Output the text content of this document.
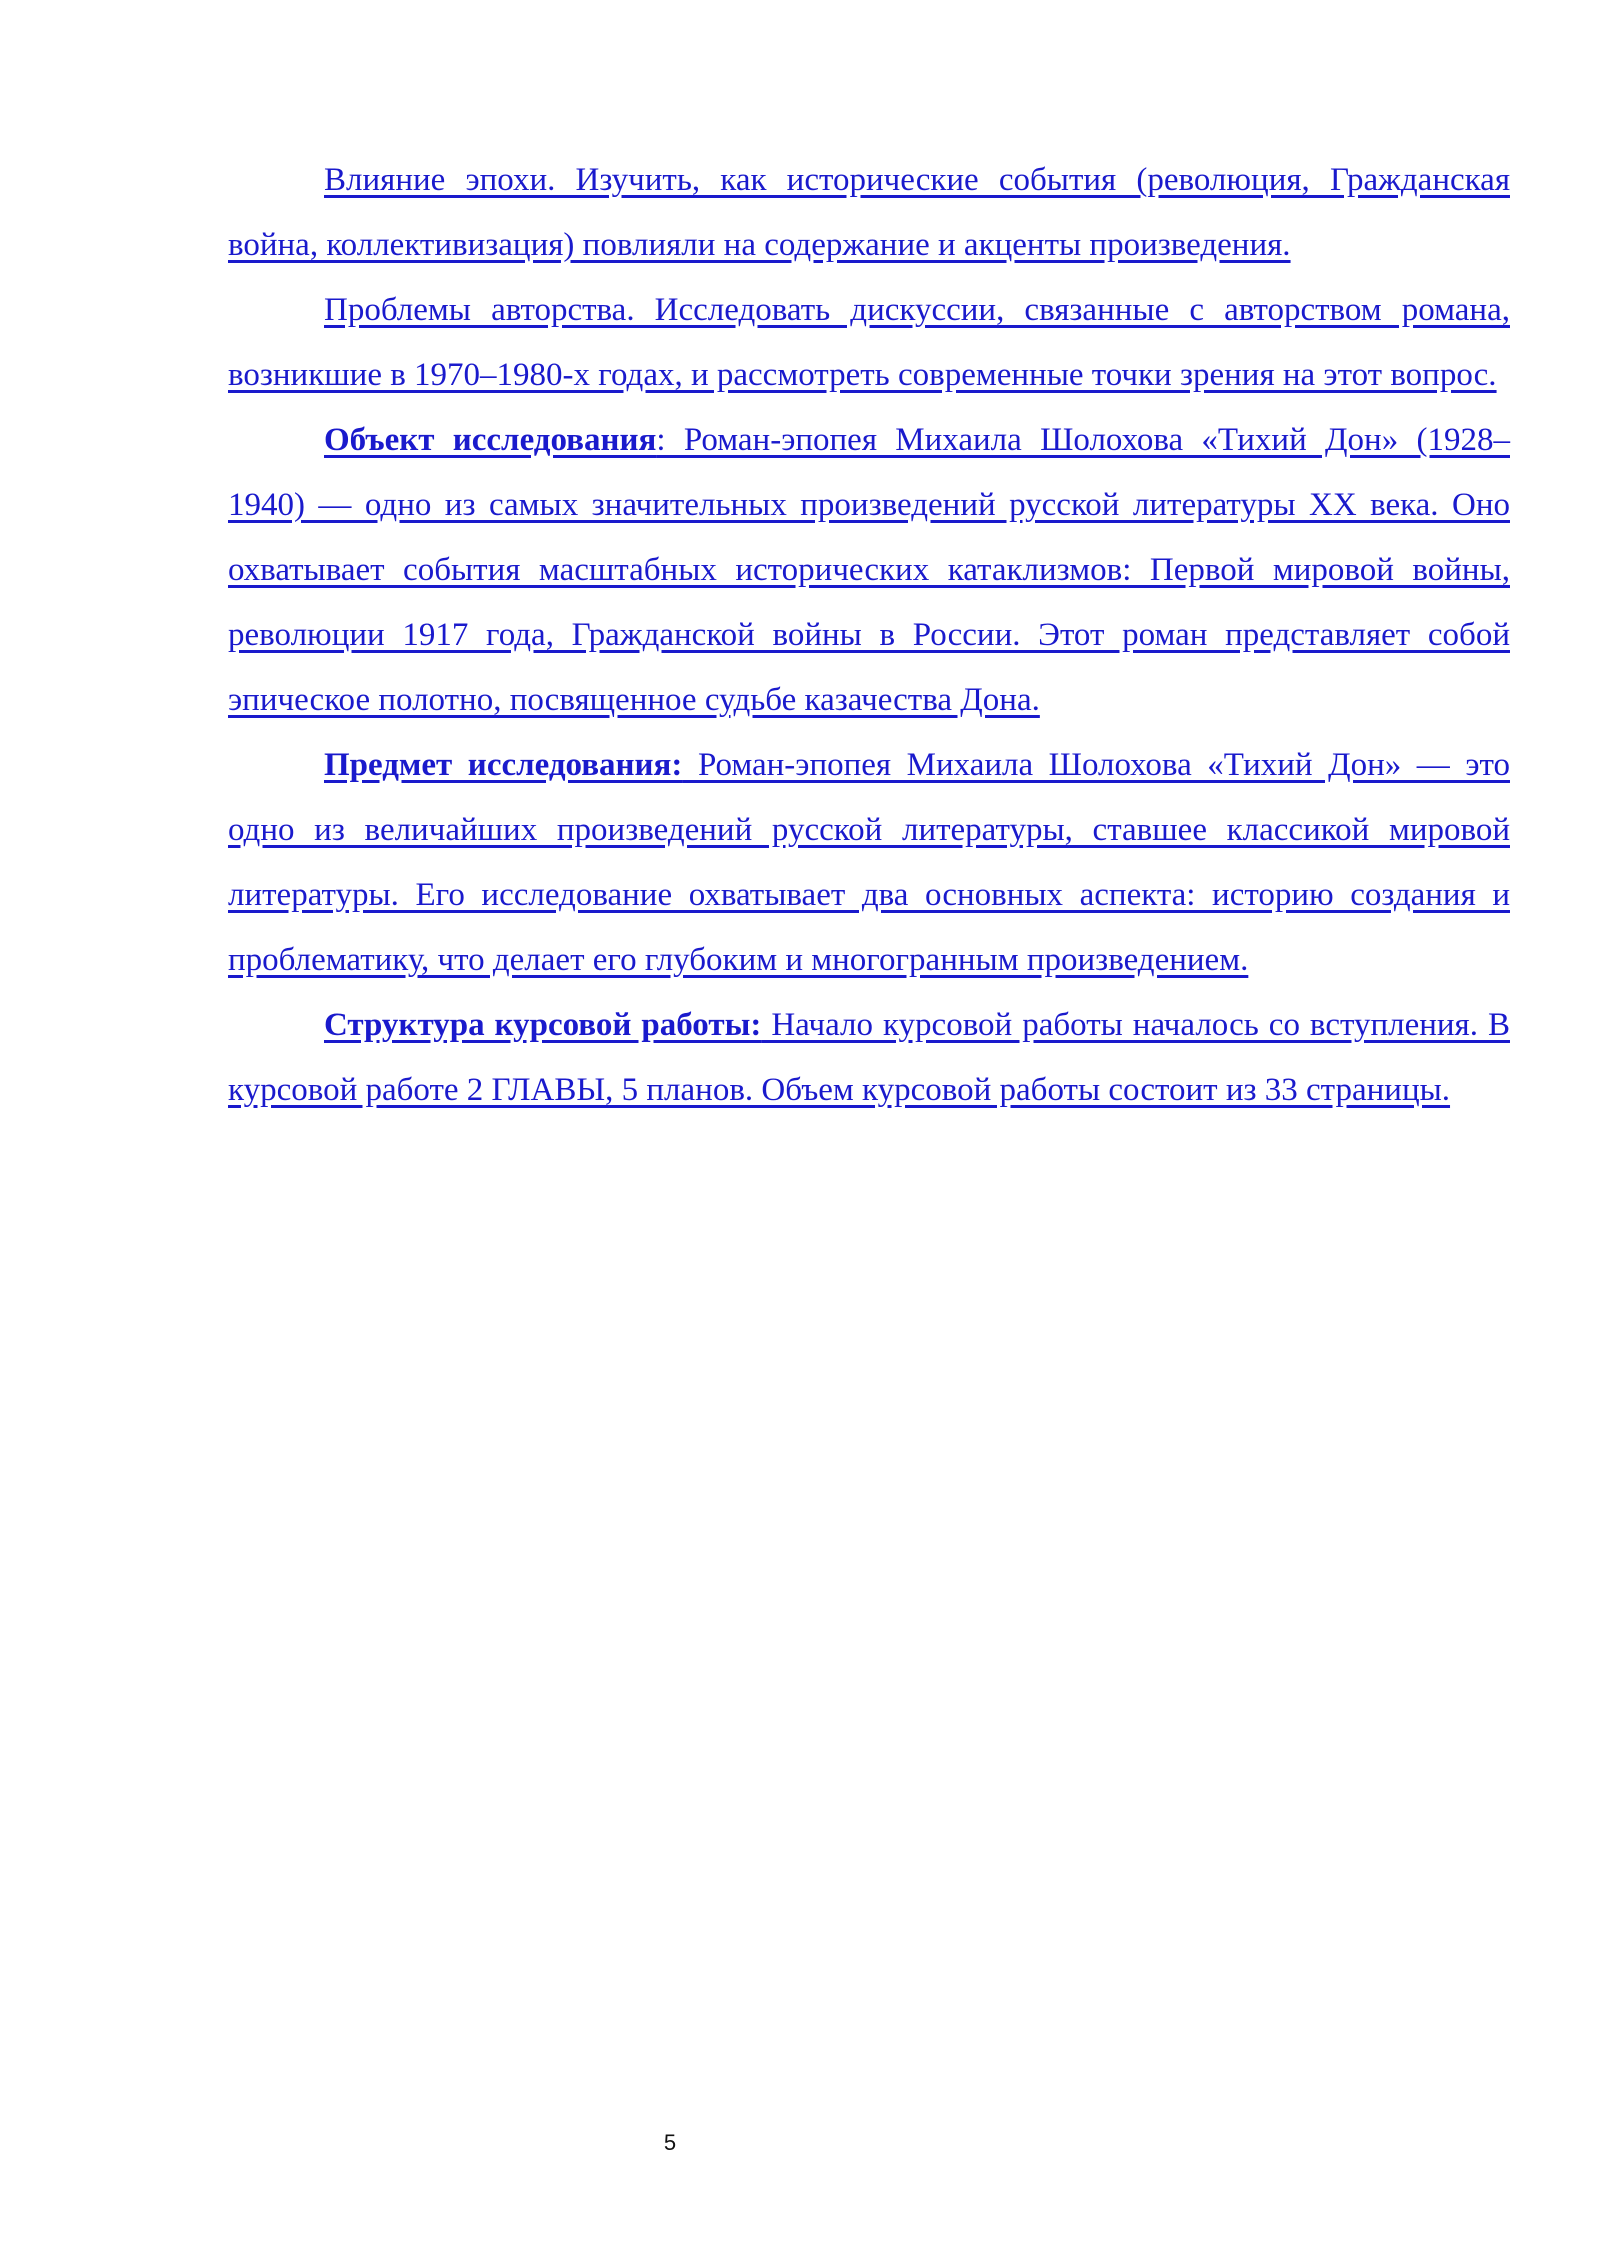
Влияние эпохи. Изучить, как исторические события (революция, Гражданская война, коллективизация) повлияли на содержание и акценты произведения.

Проблемы авторства. Исследовать дискуссии, связанные с авторством романа, возникшие в 1970–1980-х годах, и рассмотреть современные точки зрения на этот вопрос.

Объект исследования: Роман-эпопея Михаила Шолохова «Тихий Дон» (1928–1940) — одно из самых значительных произведений русской литературы XX века. Оно охватывает события масштабных исторических катаклизмов: Первой мировой войны, революции 1917 года, Гражданской войны в России. Этот роман представляет собой эпическое полотно, посвященное судьбе казачества Дона.

Предмет исследования: Роман-эпопея Михаила Шолохова «Тихий Дон» — это одно из величайших произведений русской литературы, ставшее классикой мировой литературы. Его исследование охватывает два основных аспекта: историю создания и проблематику, что делает его глубоким и многогранным произведением.

Структура курсовой работы: Начало курсовой работы началось со вступления. В курсовой работе 2 ГЛАВЫ, 5 планов. Объем курсовой работы состоит из 33 страницы.

5
